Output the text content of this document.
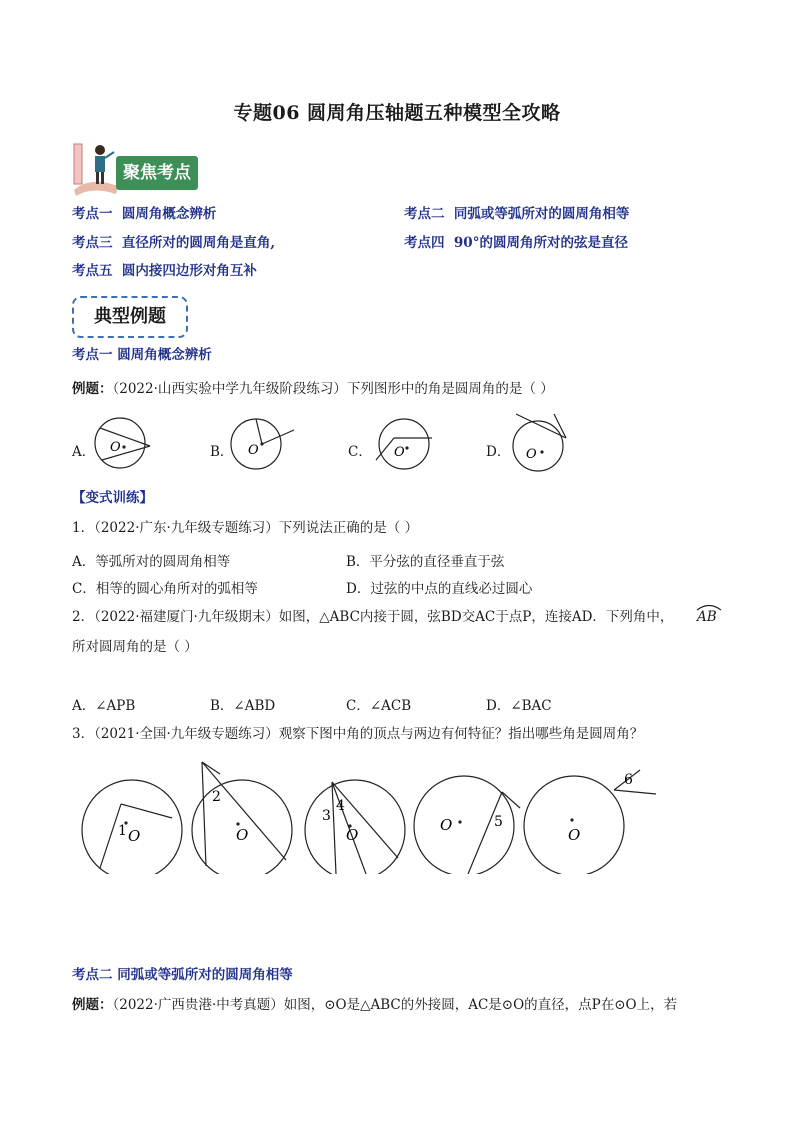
专题06 圆周角压轴题五种模型全攻略
聚焦考点
考点一 圆周角概念辨析	考点二 同弧或等弧所对的圆周角相等
考点三 直径所对的圆周角是直角,	考点四 90°的圆周角所对的弦是直径
考点五 圆内接四边形对角互补
典型例题
考点一 圆周角概念辨析
例题：（2022·山西实验中学九年级阶段练习）下列图形中的角是圆周角的是（ ）
A． O	B． O	C． O	D． O
【变式训练】
1．（2022·广东·九年级专题练习）下列说法正确的是（ ）
A．等弧所对的圆周角相等	B．平分弦的直径垂直于弦
C．相等的圆心角所对的弧相等	D．过弦的中点的直线必过圆心
2．（2022·福建厦门·九年级期末）如图，△ABC内接于圆，弦BD交AC于点P，连接AD．下列角中， AB
所对圆周角的是（ ）
A．∠APB	B．∠ABD	C．∠ACB	D．∠BAC
3．（2021·全国·九年级专题练习）观察下图中角的顶点与两边有何特征？指出哪些角是圆周角？
1 O
2
O
3
4
O
O	5
6
O
考点二 同弧或等弧所对的圆周角相等
例题：（2022·广西贵港·中考真题）如图，⊙O是△ABC的外接圆，AC是⊙O的直径，点P在⊙O上，若
